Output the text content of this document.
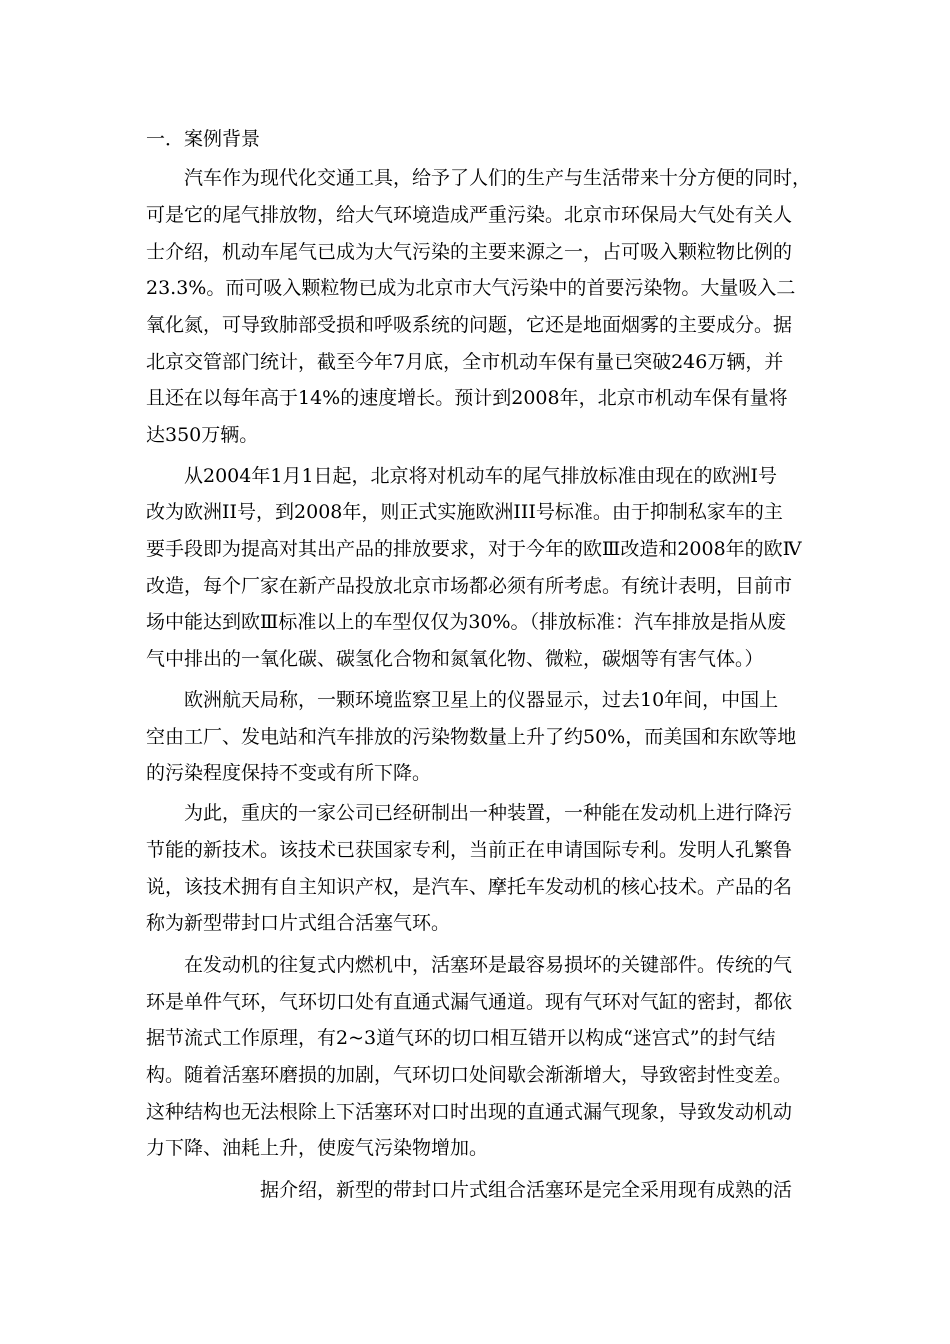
一．案例背景
　　汽车作为现代化交通工具，给予了人们的生产与生活带来十分方便的同时，
可是它的尾气排放物，给大气环境造成严重污染。北京市环保局大气处有关人
士介绍，机动车尾气已成为大气污染的主要来源之一，占可吸入颗粒物比例的
23.3%。而可吸入颗粒物已成为北京市大气污染中的首要污染物。大量吸入二
氧化氮，可导致肺部受损和呼吸系统的问题，它还是地面烟雾的主要成分。据
北京交管部门统计，截至今年7月底，全市机动车保有量已突破246万辆，并
且还在以每年高于14%的速度增长。预计到2008年，北京市机动车保有量将
达350万辆。
　　从2004年1月1日起，北京将对机动车的尾气排放标准由现在的欧洲I号
改为欧洲II号，到2008年，则正式实施欧洲III号标准。由于抑制私家车的主
要手段即为提高对其出产品的排放要求，对于今年的欧Ⅲ改造和2008年的欧Ⅳ
改造，每个厂家在新产品投放北京市场都必须有所考虑。有统计表明，目前市
场中能达到欧Ⅲ标准以上的车型仅仅为30%。（排放标准：汽车排放是指从废
气中排出的一氧化碳、碳氢化合物和氮氧化物、微粒，碳烟等有害气体。）
　　欧洲航天局称，一颗环境监察卫星上的仪器显示，过去10年间，中国上
空由工厂、发电站和汽车排放的污染物数量上升了约50%，而美国和东欧等地
的污染程度保持不变或有所下降。
　　为此，重庆的一家公司已经研制出一种装置，一种能在发动机上进行降污
节能的新技术。该技术已获国家专利，当前正在申请国际专利。发明人孔繁鲁
说，该技术拥有自主知识产权，是汽车、摩托车发动机的核心技术。产品的名
称为新型带封口片式组合活塞气环。
　　在发动机的往复式内燃机中，活塞环是最容易损坏的关键部件。传统的气
环是单件气环，气环切口处有直通式漏气通道。现有气环对气缸的密封，都依
据节流式工作原理，有2~3道气环的切口相互错开以构成“迷宫式”的封气结
构。随着活塞环磨损的加剧，气环切口处间歇会渐渐增大，导致密封性变差。
这种结构也无法根除上下活塞环对口时出现的直通式漏气现象，导致发动机动
力下降、油耗上升，使废气污染物增加。
　　　　　　据介绍，新型的带封口片式组合活塞环是完全采用现有成熟的活
